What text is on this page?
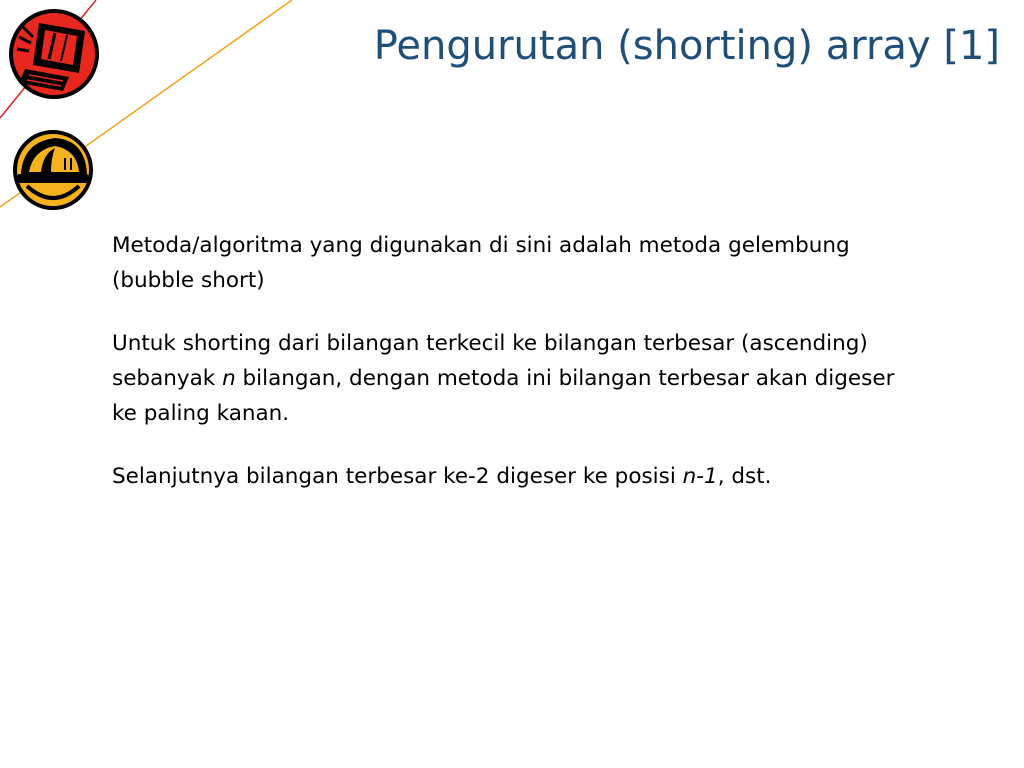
Pengurutan (shorting) array [1]

Metoda/algoritma yang digunakan di sini adalah metoda gelembung (bubble short)

Untuk shorting dari bilangan terkecil ke bilangan terbesar (ascending) sebanyak n bilangan, dengan metoda ini bilangan terbesar akan digeser ke paling kanan.

Selanjutnya bilangan terbesar ke-2 digeser ke posisi n-1, dst.
